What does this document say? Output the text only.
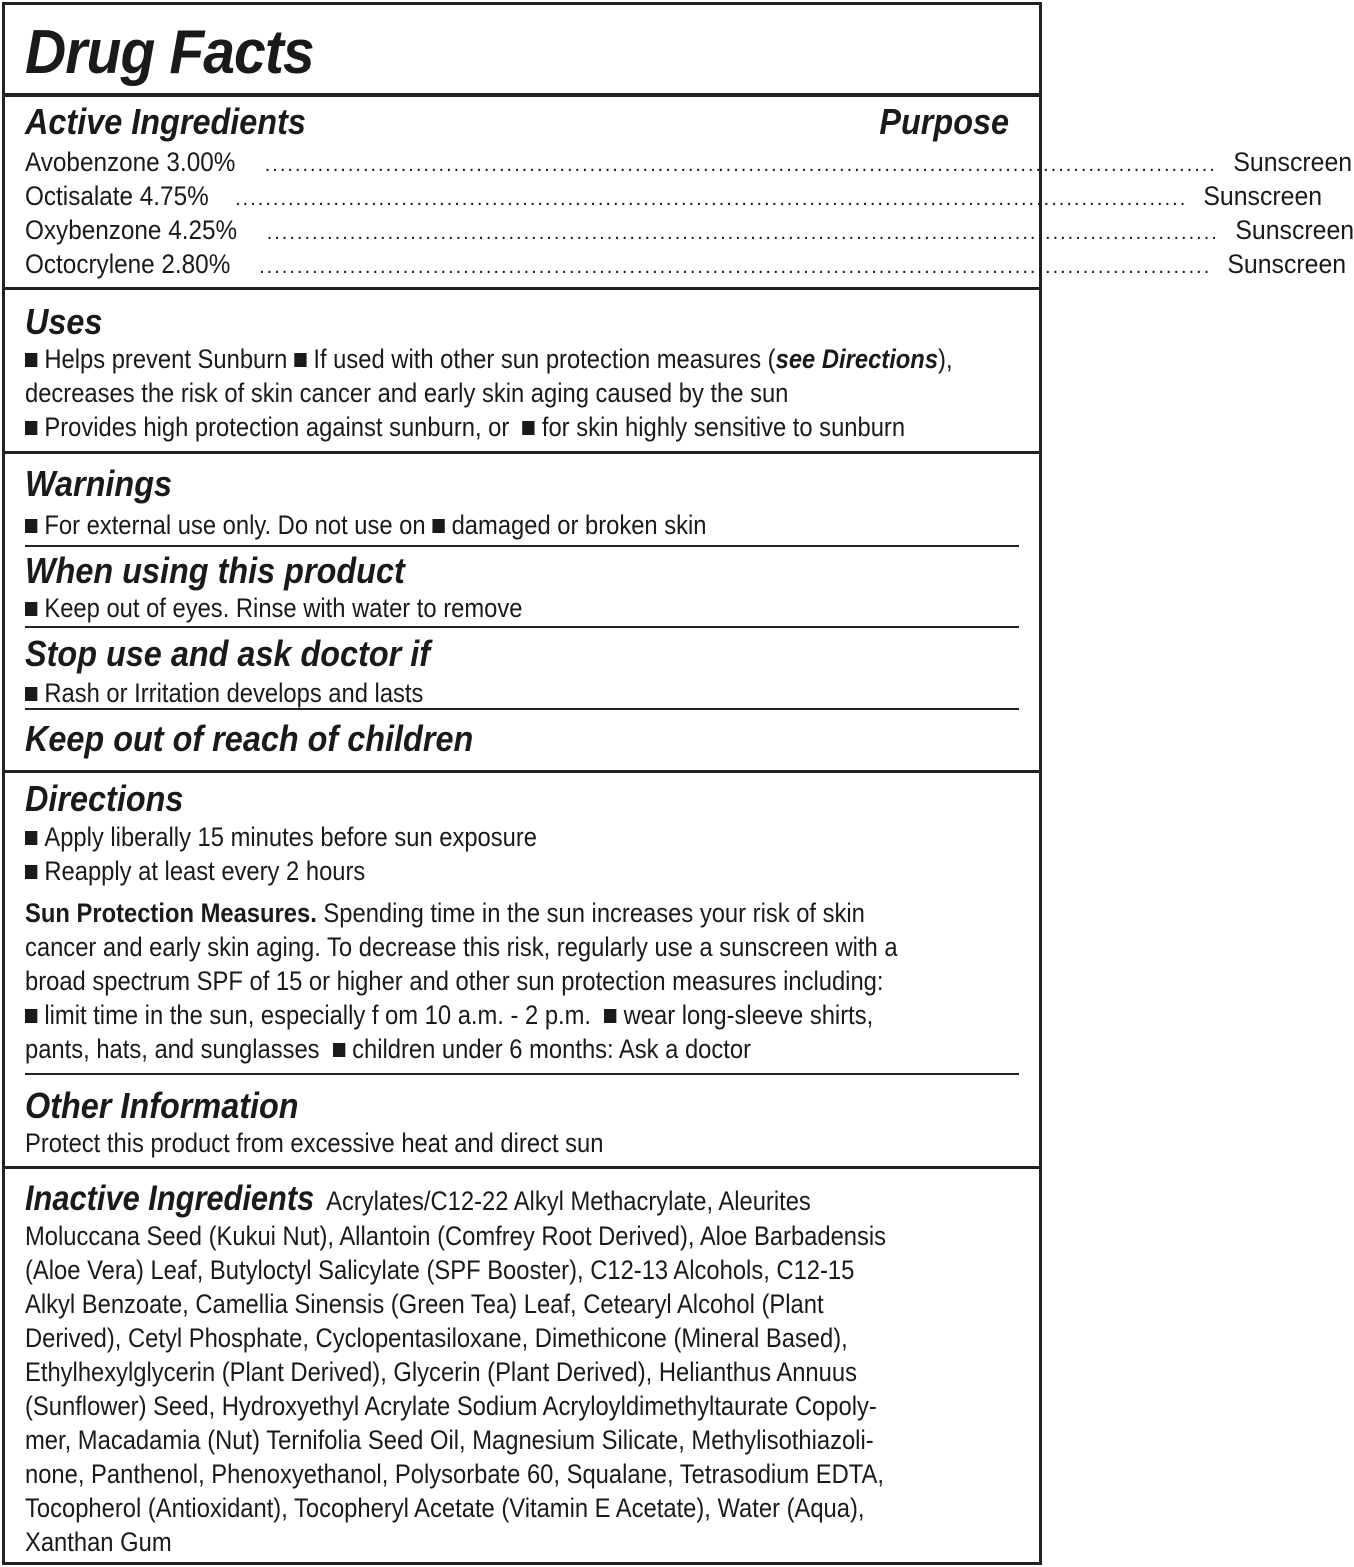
Drug Facts
Active Ingredients	Purpose
Avobenzone 3.00% .............................................................................................................................. Sunscreen
Octisalate 4.75% .............................................................................................................................. Sunscreen
Oxybenzone 4.25% .............................................................................................................................. Sunscreen
Octocrylene 2.80% .............................................................................................................................. Sunscreen
Uses
Helps prevent Sunburn If used with other sun protection measures (see Directions),
decreases the risk of skin cancer and early skin aging caused by the sun
Provides high protection against sunburn, or for skin highly sensitive to sunburn
Warnings
For external use only. Do not use on damaged or broken skin
When using this product
Keep out of eyes. Rinse with water to remove
Stop use and ask doctor if
Rash or Irritation develops and lasts
Keep out of reach of children
Directions
Apply liberally 15 minutes before sun exposure
Reapply at least every 2 hours
Sun Protection Measures. Spending time in the sun increases your risk of skin
cancer and early skin aging. To decrease this risk, regularly use a sunscreen with a
broad spectrum SPF of 15 or higher and other sun protection measures including:
limit time in the sun, especially f om 10 a.m. - 2 p.m. wear long-sleeve shirts,
pants, hats, and sunglasses children under 6 months: Ask a doctor
Other Information
Protect this product from excessive heat and direct sun
Inactive Ingredients Acrylates/C12-22 Alkyl Methacrylate, Aleurites
Moluccana Seed (Kukui Nut), Allantoin (Comfrey Root Derived), Aloe Barbadensis
(Aloe Vera) Leaf, Butyloctyl Salicylate (SPF Booster), C12-13 Alcohols, C12-15
Alkyl Benzoate, Camellia Sinensis (Green Tea) Leaf, Cetearyl Alcohol (Plant
Derived), Cetyl Phosphate, Cyclopentasiloxane, Dimethicone (Mineral Based),
Ethylhexylglycerin (Plant Derived), Glycerin (Plant Derived), Helianthus Annuus
(Sunflower) Seed, Hydroxyethyl Acrylate Sodium Acryloyldimethyltaurate Copoly-
mer, Macadamia (Nut) Ternifolia Seed Oil, Magnesium Silicate, Methylisothiazoli-
none, Panthenol, Phenoxyethanol, Polysorbate 60, Squalane, Tetrasodium EDTA,
Tocopherol (Antioxidant), Tocopheryl Acetate (Vitamin E Acetate), Water (Aqua),
Xanthan Gum
